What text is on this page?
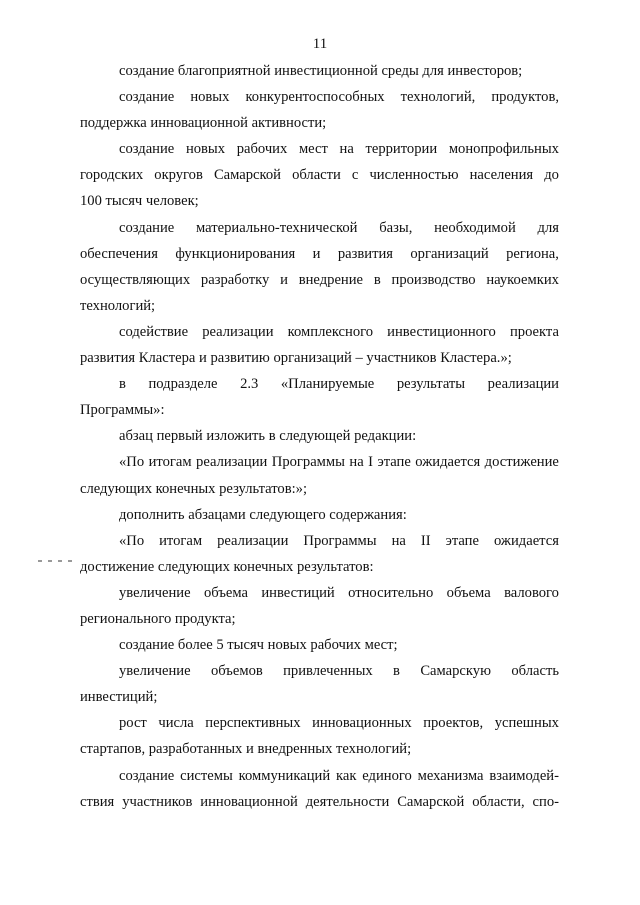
11
создание благоприятной инвестиционной среды для инвесторов;
создание новых конкурентоспособных технологий, продуктов,
поддержка инновационной активности;
создание новых рабочих мест на территории монопрофильных
городских округов Самарской области с численностью населения до
100 тысяч человек;
создание материально-технической базы, необходимой для
обеспечения функционирования и развития организаций региона,
осуществляющих разработку и внедрение в производство наукоемких
технологий;
содействие реализации комплексного инвестиционного проекта
развития Кластера и развитию организаций – участников Кластера.»;
в подразделе 2.3 «Планируемые результаты реализации
Программы»:
абзац первый изложить в следующей редакции:
«По итогам реализации Программы на I этапе ожидается достижение
следующих конечных результатов:»;
дополнить абзацами следующего содержания:
«По итогам реализации Программы на II этапе ожидается
достижение следующих конечных результатов:
увеличение объема инвестиций относительно объема валового
регионального продукта;
создание более 5 тысяч новых рабочих мест;
увеличение объемов привлеченных в Самарскую область
инвестиций;
рост числа перспективных инновационных проектов, успешных
стартапов, разработанных и внедренных технологий;
создание системы коммуникаций как единого механизма взаимодей-
ствия участников инновационной деятельности Самарской области, спо-
